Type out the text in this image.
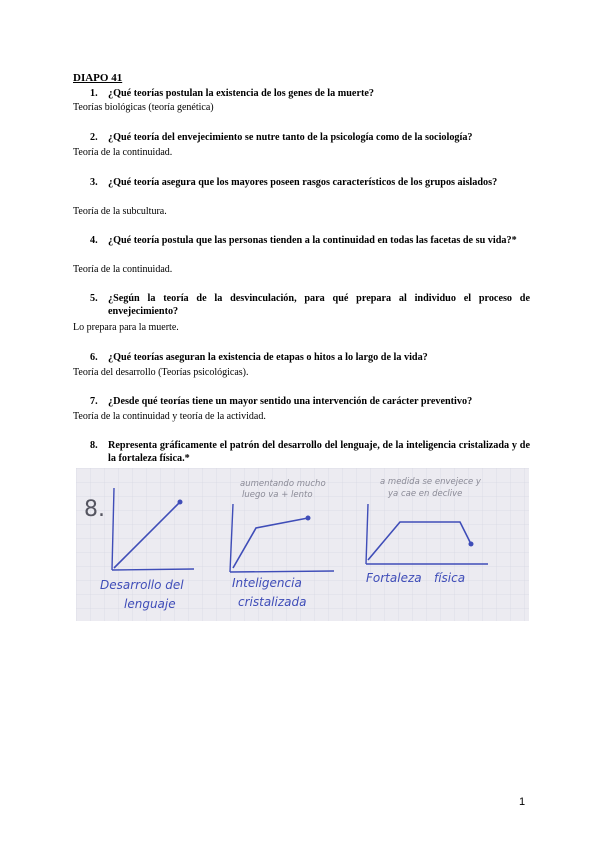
DIAPO 41
1. ¿Qué teorías postulan la existencia de los genes de la muerte?
Teorías biológicas (teoría genética)
2. ¿Qué teoría del envejecimiento se nutre tanto de la psicología como de la sociología?
Teoría de la continuidad.
3. ¿Qué teoría asegura que los mayores poseen rasgos característicos de los grupos aislados?
Teoría de la subcultura.
4. ¿Qué teoría postula que las personas tienden a la continuidad en todas las facetas de su vida?*
Teoría de la continuidad.
5. ¿Según la teoría de la desvinculación, para qué prepara al individuo el proceso de envejecimiento?
Lo prepara para la muerte.
6. ¿Qué teorías aseguran la existencia de etapas o hitos a lo largo de la vida?
Teoría del desarrollo (Teorías psicológicas).
7. ¿Desde qué teorías tiene un mayor sentido una intervención de carácter preventivo?
Teoría de la continuidad y teoría de la actividad.
8. Representa gráficamente el patrón del desarrollo del lenguaje, de la inteligencia cristalizada y de la fortaleza física.*
8.
Desarrollo del
lenguaje
aumentando mucho
luego va + lento
Inteligencia
cristalizada
a medida se envejece y
ya cae en declive
Fortaleza física
1
